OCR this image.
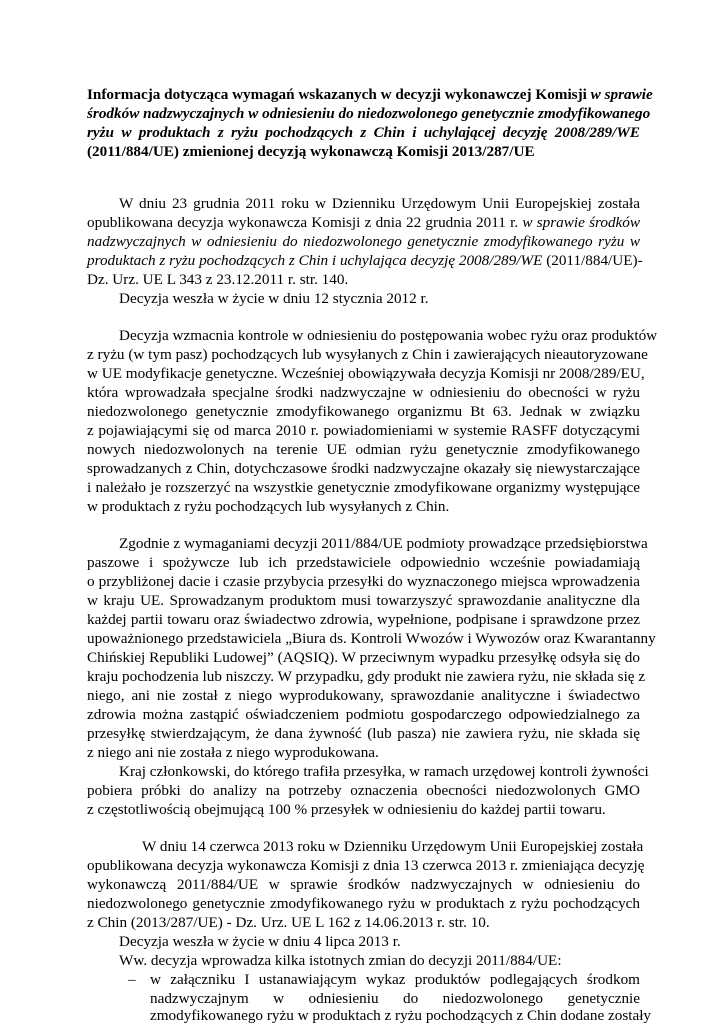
Informacja dotycząca wymagań wskazanych w decyzji wykonawczej Komisji w sprawie
środków nadzwyczajnych w odniesieniu do niedozwolonego genetycznie zmodyfikowanego
ryżu w produktach z ryżu pochodzących z Chin i uchylającej decyzję 2008/289/WE
(2011/884/UE) zmienionej decyzją wykonawczą Komisji 2013/287/UE
W dniu 23 grudnia 2011 roku w Dzienniku Urzędowym Unii Europejskiej została
opublikowana decyzja wykonawcza Komisji z dnia 22 grudnia 2011 r. w sprawie środków
nadzwyczajnych w odniesieniu do niedozwolonego genetycznie zmodyfikowanego ryżu w
produktach z ryżu pochodzących z Chin i uchylająca decyzję 2008/289/WE (2011/884/UE)-
Dz. Urz. UE L 343 z 23.12.2011 r. str. 140.
Decyzja weszła w życie w dniu 12 stycznia 2012 r.
Decyzja wzmacnia kontrole w odniesieniu do postępowania wobec ryżu oraz produktów
z ryżu (w tym pasz) pochodzących lub wysyłanych z Chin i zawierających nieautoryzowane
w UE modyfikacje genetyczne. Wcześniej obowiązywała decyzja Komisji nr 2008/289/EU,
która wprowadzała specjalne środki nadzwyczajne w odniesieniu do obecności w ryżu
niedozwolonego genetycznie zmodyfikowanego organizmu Bt 63. Jednak w związku
z pojawiającymi się od marca 2010 r. powiadomieniami w systemie RASFF dotyczącymi
nowych niedozwolonych na terenie UE odmian ryżu genetycznie zmodyfikowanego
sprowadzanych z Chin, dotychczasowe środki nadzwyczajne okazały się niewystarczające
i należało je rozszerzyć na wszystkie genetycznie zmodyfikowane organizmy występujące
w produktach z ryżu pochodzących lub wysyłanych z Chin.
Zgodnie z wymaganiami decyzji 2011/884/UE podmioty prowadzące przedsiębiorstwa
paszowe i spożywcze lub ich przedstawiciele odpowiednio wcześnie powiadamiają
o przybliżonej dacie i czasie przybycia przesyłki do wyznaczonego miejsca wprowadzenia
w kraju UE. Sprowadzanym produktom musi towarzyszyć sprawozdanie analityczne dla
każdej partii towaru oraz świadectwo zdrowia, wypełnione, podpisane i sprawdzone przez
upoważnionego przedstawiciela „Biura ds. Kontroli Wwozów i Wywozów oraz Kwarantanny
Chińskiej Republiki Ludowej” (AQSIQ). W przeciwnym wypadku przesyłkę odsyła się do
kraju pochodzenia lub niszczy. W przypadku, gdy produkt nie zawiera ryżu, nie składa się z
niego, ani nie został z niego wyprodukowany, sprawozdanie analityczne i świadectwo
zdrowia można zastąpić oświadczeniem podmiotu gospodarczego odpowiedzialnego za
przesyłkę stwierdzającym, że dana żywność (lub pasza) nie zawiera ryżu, nie składa się
z niego ani nie została z niego wyprodukowana.
Kraj członkowski, do którego trafiła przesyłka, w ramach urzędowej kontroli żywności
pobiera próbki do analizy na potrzeby oznaczenia obecności niedozwolonych GMO
z częstotliwością obejmującą 100 % przesyłek w odniesieniu do każdej partii towaru.
W dniu 14 czerwca 2013 roku w Dzienniku Urzędowym Unii Europejskiej została
opublikowana decyzja wykonawcza Komisji z dnia 13 czerwca 2013 r. zmieniająca decyzję
wykonawczą 2011/884/UE w sprawie środków nadzwyczajnych w odniesieniu do
niedozwolonego genetycznie zmodyfikowanego ryżu w produktach z ryżu pochodzących
z Chin (2013/287/UE) - Dz. Urz. UE L 162 z 14.06.2013 r. str. 10.
Decyzja weszła w życie w dniu 4 lipca 2013 r.
Ww. decyzja wprowadza kilka istotnych zmian do decyzji 2011/884/UE:
– w załączniku I ustanawiającym wykaz produktów podlegających środkom
nadzwyczajnym w odniesieniu do niedozwolonego genetycznie
zmodyfikowanego ryżu w produktach z ryżu pochodzących z Chin dodane zostały
